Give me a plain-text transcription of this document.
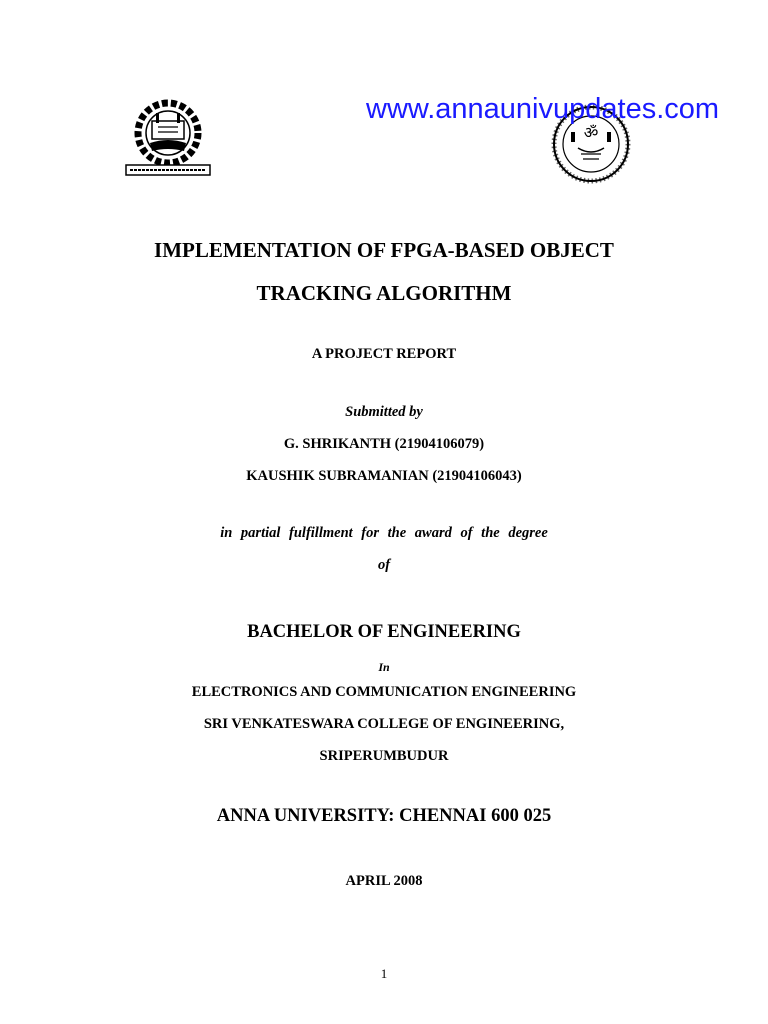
ॐ
www.annaunivupdates.com
IMPLEMENTATION OF FPGA-BASED OBJECT
TRACKING ALGORITHM
A PROJECT REPORT
Submitted by
G. SHRIKANTH (21904106079)
KAUSHIK SUBRAMANIAN (21904106043)
in partial fulfillment for the award of the degree
of
BACHELOR OF ENGINEERING
In
ELECTRONICS AND COMMUNICATION ENGINEERING
SRI VENKATESWARA COLLEGE OF ENGINEERING,
SRIPERUMBUDUR
ANNA UNIVERSITY: CHENNAI 600 025
APRIL 2008
1
